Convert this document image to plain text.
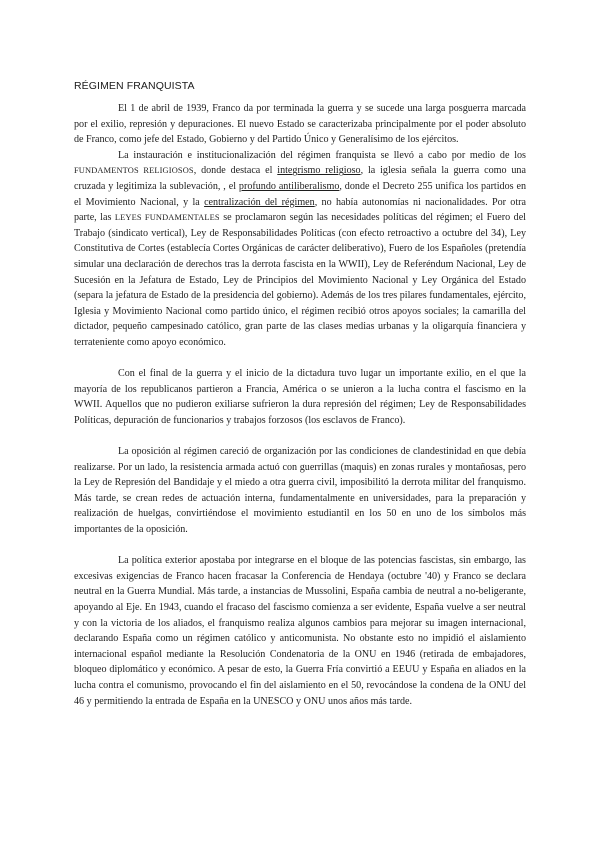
RÉGIMEN FRANQUISTA

El 1 de abril de 1939, Franco da por terminada la guerra y se sucede una larga posguerra marcada por el exilio, represión y depuraciones. El nuevo Estado se caracterizaba principalmente por el poder absoluto de Franco, como jefe del Estado, Gobierno y del Partido Único y Generalísimo de los ejércitos.

La instauración e institucionalización del régimen franquista se llevó a cabo por medio de los FUNDAMENTOS RELIGIOSOS, donde destaca el integrismo religioso, la iglesia señala la guerra como una cruzada y legitimiza la sublevación, , el profundo antiliberalismo, donde el Decreto 255 unifica los partidos en el Movimiento Nacional, y la centralización del régimen, no había autonomías ni nacionalidades. Por otra parte, las LEYES FUNDAMENTALES se proclamaron según las necesidades políticas del régimen; el Fuero del Trabajo (sindicato vertical), Ley de Responsabilidades Políticas (con efecto retroactivo a octubre del 34), Ley Constitutiva de Cortes (establecía Cortes Orgánicas de carácter deliberativo), Fuero de los Españoles (pretendía simular una declaración de derechos tras la derrota fascista en la WWII), Ley de Referéndum Nacional, Ley de Sucesión en la Jefatura de Estado, Ley de Principios del Movimiento Nacional y Ley Orgánica del Estado (separa la jefatura de Estado de la presidencia del gobierno). Además de los tres pilares fundamentales, ejército, Iglesia y Movimiento Nacional como partido único, el régimen recibió otros apoyos sociales; la camarilla del dictador, pequeño campesinado católico, gran parte de las clases medias urbanas y la oligarquía financiera y terrateniente como apoyo económico.

Con el final de la guerra y el inicio de la dictadura tuvo lugar un importante exilio, en el que la mayoría de los republicanos partieron a Francia, América o se unieron a la lucha contra el fascismo en la WWII. Aquellos que no pudieron exiliarse sufrieron la dura represión del régimen; Ley de Responsabilidades Políticas, depuración de funcionarios y trabajos forzosos (los esclavos de Franco).

La oposición al régimen careció de organización por las condiciones de clandestinidad en que debía realizarse. Por un lado, la resistencia armada actuó con guerrillas (maquis) en zonas rurales y montañosas, pero la Ley de Represión del Bandidaje y el miedo a otra guerra civil, imposibilitó la derrota militar del franquismo. Más tarde, se crean redes de actuación interna, fundamentalmente en universidades, para la preparación y realización de huelgas, convirtiéndose el movimiento estudiantil en los 50 en uno de los símbolos más importantes de la oposición.

La política exterior apostaba por integrarse en el bloque de las potencias fascistas, sin embargo, las excesivas exigencias de Franco hacen fracasar la Conferencia de Hendaya (octubre '40) y Franco se declara neutral en la Guerra Mundial. Más tarde, a instancias de Mussolini, España cambia de neutral a no-beligerante, apoyando al Eje. En 1943, cuando el fracaso del fascismo comienza a ser evidente, España vuelve a ser neutral y con la victoria de los aliados, el franquismo realiza algunos cambios para mejorar su imagen internacional, declarando España como un régimen católico y anticomunista. No obstante esto no impidió el aislamiento internacional español mediante la Resolución Condenatoria de la ONU en 1946 (retirada de embajadores, bloqueo diplomático y económico. A pesar de esto, la Guerra Fría convirtió a EEUU y España en aliados en la lucha contra el comunismo, provocando el fin del aislamiento en el 50, revocándose la condena de la ONU del 46 y permitiendo la entrada de España en la UNESCO y ONU unos años más tarde.
